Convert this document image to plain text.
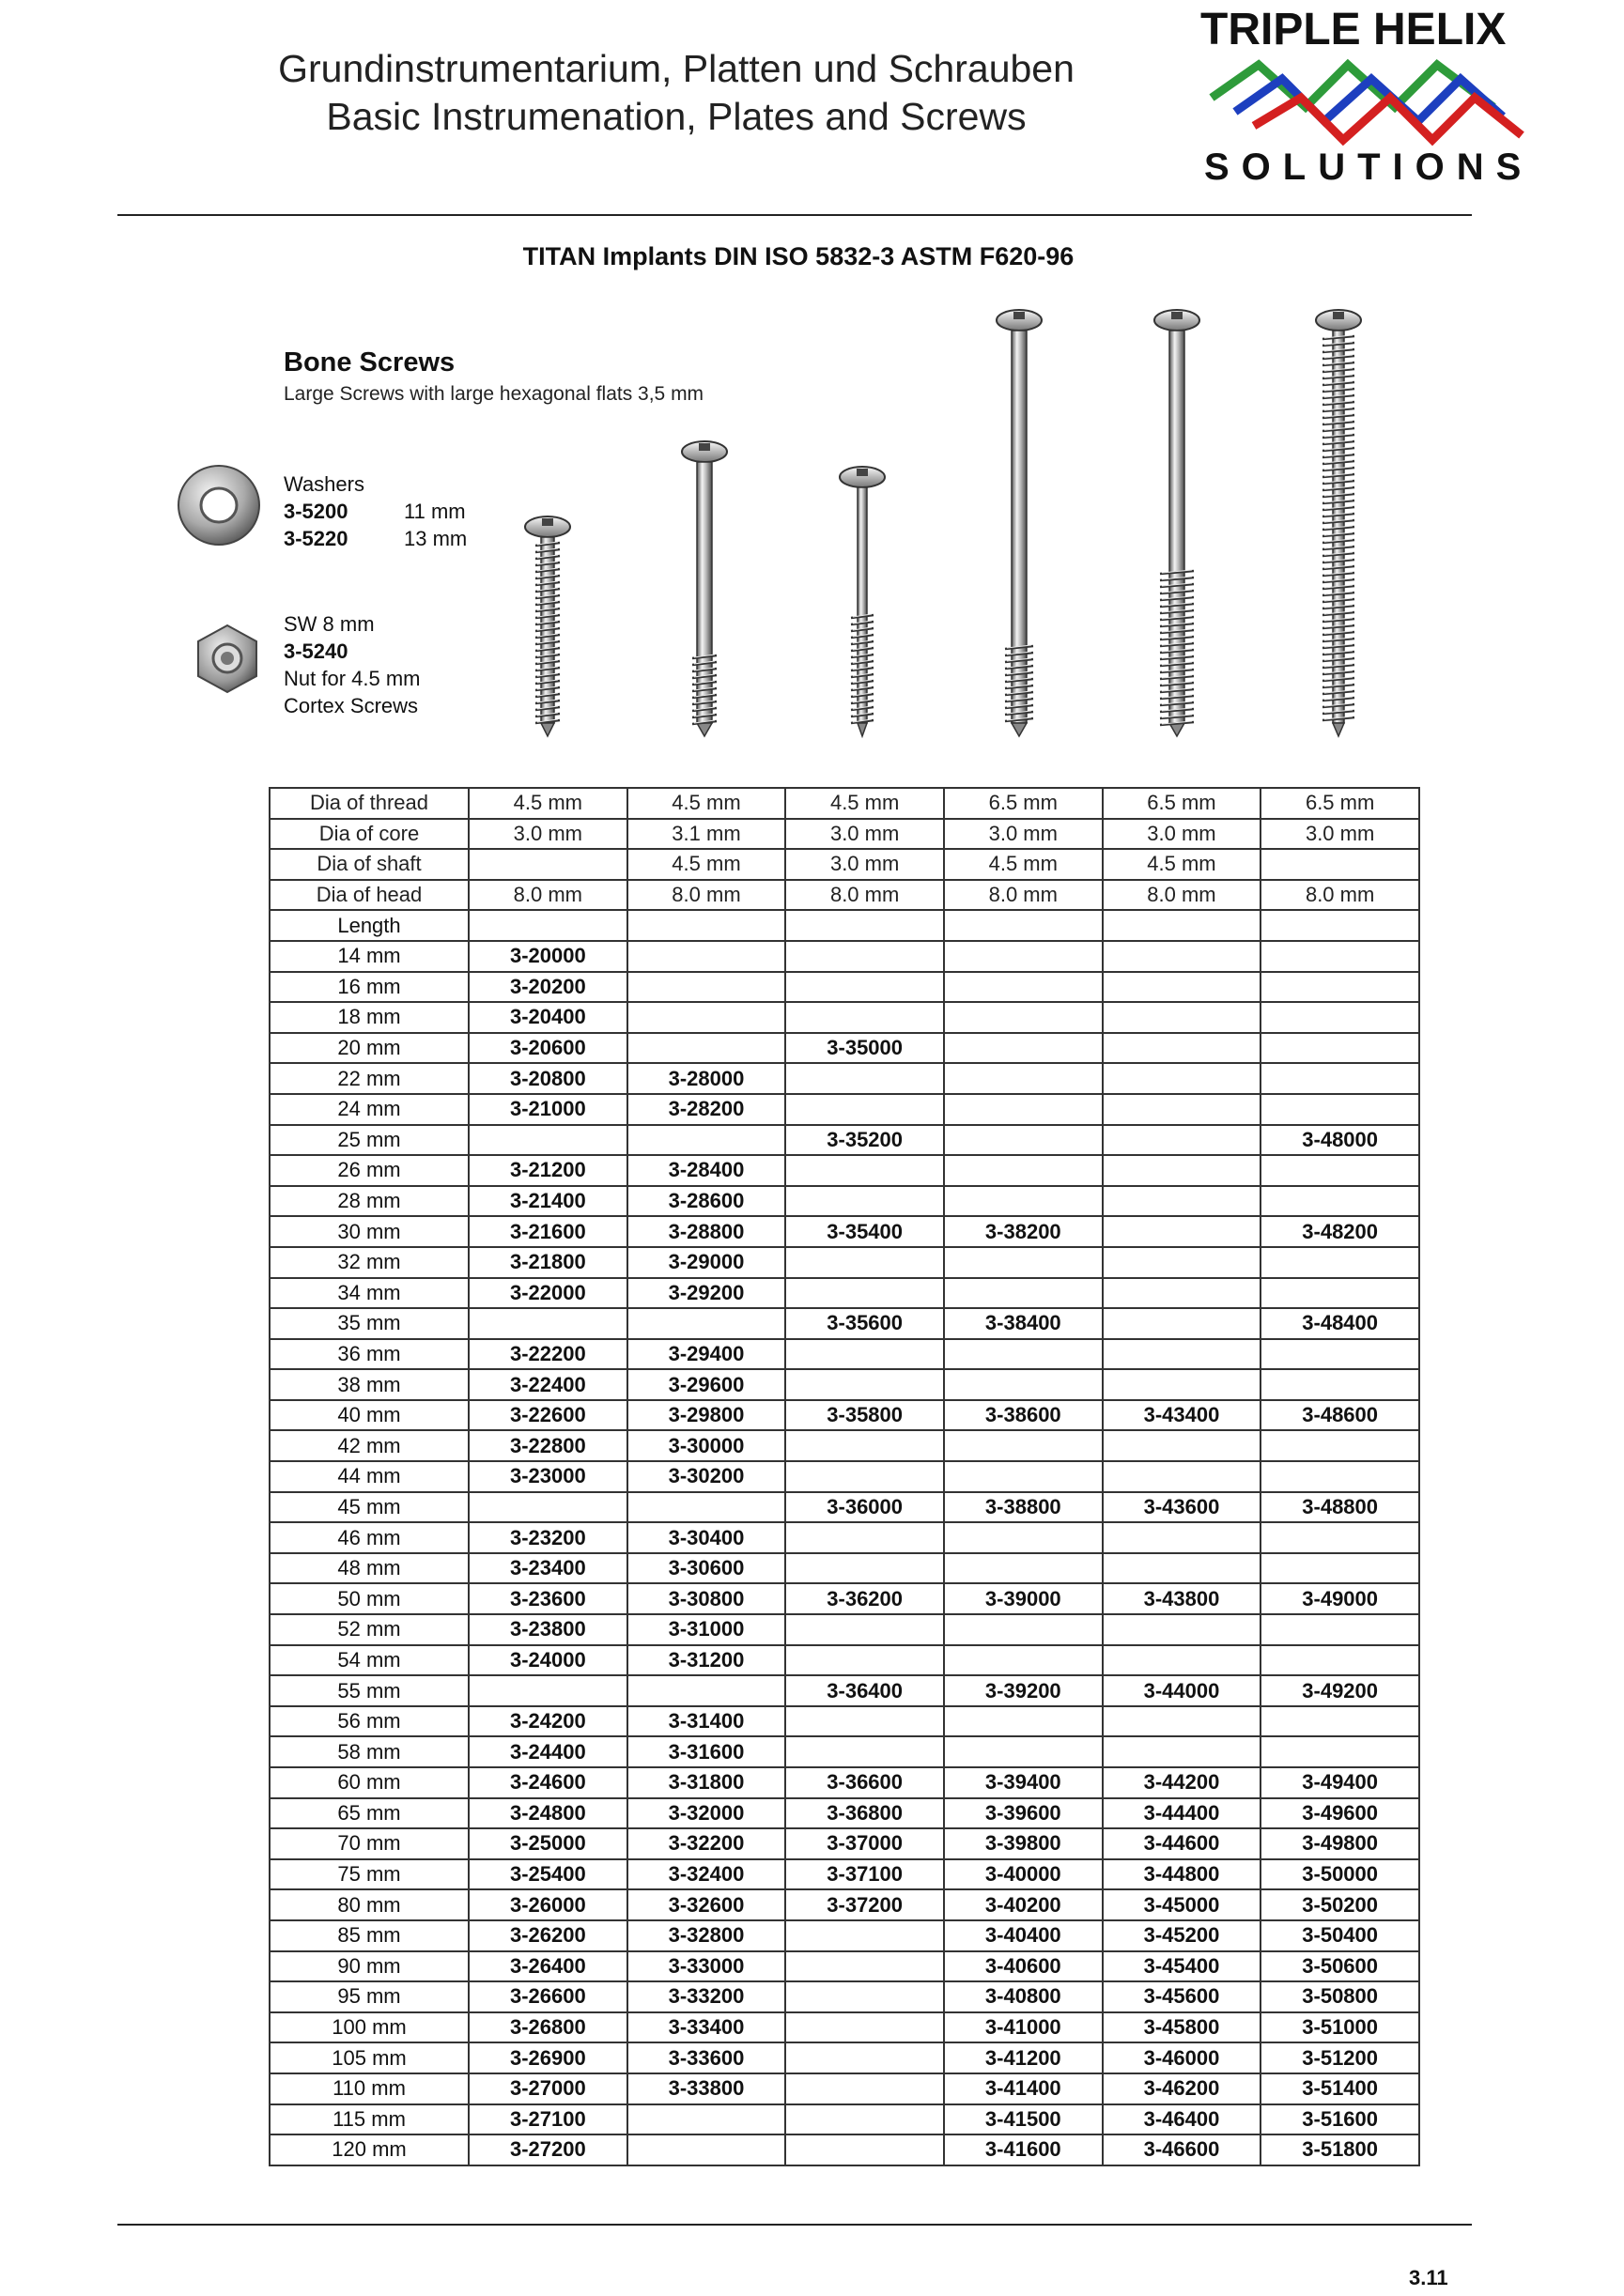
Grundinstrumentarium, Platten und Schrauben
Basic Instrumenation, Plates and Screws
TRIPLE HELIX
SOLUTIONS
TITAN Implants DIN ISO 5832-3 ASTM F620-96
Bone Screws
Large Screws with large hexagonal flats 3,5 mm
Washers
3-5200	11 mm
3-5220	13 mm
SW 8 mm
3-5240
Nut for 4.5 mm
Cortex Screws
Dia of thread	4.5 mm	4.5 mm	4.5 mm	6.5 mm	6.5 mm	6.5 mm
Dia of core	3.0 mm	3.1 mm	3.0 mm	3.0 mm	3.0 mm	3.0 mm
Dia of shaft		4.5 mm	3.0 mm	4.5 mm	4.5 mm	
Dia of head	8.0 mm	8.0 mm	8.0 mm	8.0 mm	8.0 mm	8.0 mm
Length						
14 mm	3-20000					
16 mm	3-20200					
18 mm	3-20400					
20 mm	3-20600		3-35000			
22 mm	3-20800	3-28000				
24 mm	3-21000	3-28200				
25 mm			3-35200			3-48000
26 mm	3-21200	3-28400				
28 mm	3-21400	3-28600				
30 mm	3-21600	3-28800	3-35400	3-38200		3-48200
32 mm	3-21800	3-29000				
34 mm	3-22000	3-29200				
35 mm			3-35600	3-38400		3-48400
36 mm	3-22200	3-29400				
38 mm	3-22400	3-29600				
40 mm	3-22600	3-29800	3-35800	3-38600	3-43400	3-48600
42 mm	3-22800	3-30000				
44 mm	3-23000	3-30200				
45 mm			3-36000	3-38800	3-43600	3-48800
46 mm	3-23200	3-30400				
48 mm	3-23400	3-30600				
50 mm	3-23600	3-30800	3-36200	3-39000	3-43800	3-49000
52 mm	3-23800	3-31000				
54 mm	3-24000	3-31200				
55 mm			3-36400	3-39200	3-44000	3-49200
56 mm	3-24200	3-31400				
58 mm	3-24400	3-31600				
60 mm	3-24600	3-31800	3-36600	3-39400	3-44200	3-49400
65 mm	3-24800	3-32000	3-36800	3-39600	3-44400	3-49600
70 mm	3-25000	3-32200	3-37000	3-39800	3-44600	3-49800
75 mm	3-25400	3-32400	3-37100	3-40000	3-44800	3-50000
80 mm	3-26000	3-32600	3-37200	3-40200	3-45000	3-50200
85 mm	3-26200	3-32800		3-40400	3-45200	3-50400
90 mm	3-26400	3-33000		3-40600	3-45400	3-50600
95 mm	3-26600	3-33200		3-40800	3-45600	3-50800
100 mm	3-26800	3-33400		3-41000	3-45800	3-51000
105 mm	3-26900	3-33600		3-41200	3-46000	3-51200
110 mm	3-27000	3-33800		3-41400	3-46200	3-51400
115 mm	3-27100			3-41500	3-46400	3-51600
120 mm	3-27200			3-41600	3-46600	3-51800
3.11
